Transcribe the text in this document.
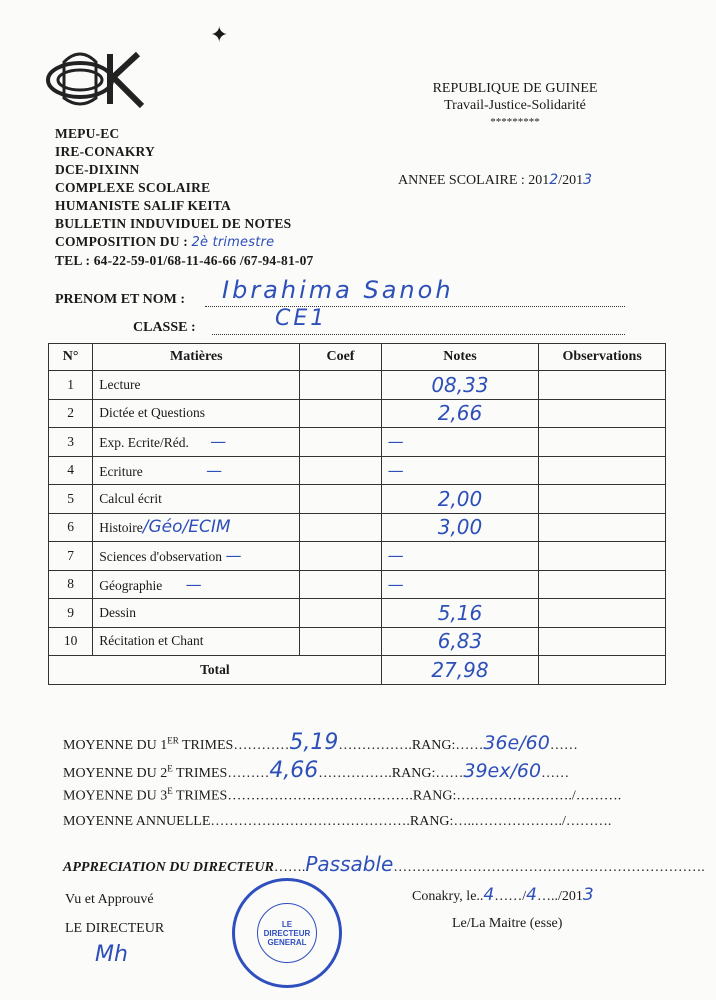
✦
MEPU-EC
IRE-CONAKRY
DCE-DIXINN
COMPLEXE SCOLAIRE
HUMANISTE SALIF KEITA
BULLETIN INDUVIDUEL DE NOTES
COMPOSITION DU : 2è trimestre
TEL : 64-22-59-01/68-11-46-66 /67-94-81-07
REPUBLIQUE DE GUINEE
Travail-Justice-Solidarité
*********
ANNEE SCOLAIRE : 2012/2013
PRENOM ET NOM : Ibrahima Sanoh
CLASSE :	CE1
N°	Matières	Coef	Notes	Observations
1	Lecture		08,33	
2	Dictée et Questions		2,66	
3	Exp. Ecrite/Réd. —		—	
4	Ecriture —		—	
5	Calcul écrit		2,00	
6	Histoire/Géo/ECIM		3,00	
7	Sciences d'observation —		—	
8	Géographie —		—	
9	Dessin		5,16	
10	Récitation et Chant		6,83	
Total			27,98	
MOYENNE DU 1ER TRIMES…………5,19…………….RANG:……36e/60……
MOYENNE DU $2^E$ TRIMES………4,66…………….RANG:……39ex/60……
MOYENNE DU $3^E$ TRIMES………………………………….RANG:……………………./……….
MOYENNE ANNUELLE…………………………………….RANG:…..………………./……….
APPRECIATION DU DIRECTEUR…….Passable………………………………………………………….
Vu et Approuvé
LE DIRECTEUR
Mh
LE DIRECTEUR GENERAL
Conakry, le..4……/4…../2013
Le/La Maitre (esse)
